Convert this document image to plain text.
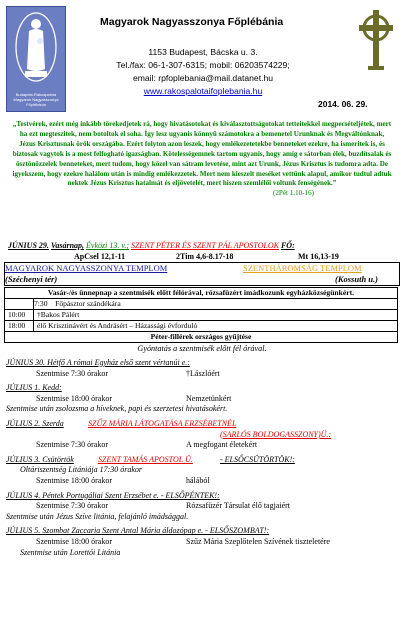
Budapest-Rákospalota Magyarok Nagyasszonya Főplébánia
Magyarok Nagyasszonya Főplébánia
1153 Budapest, Bácska u. 3.
Tel./fax: 06-1-307-6315; mobil: 06203574229;
email: rpfoplebania@mail.datanet.hu
www.rakospalotaifoplebania.hu
2014. 06. 29.
„Testvérek, ezért még inkább törekedjetek rá, hogy hivatásotokat és kiválasztottságotokat tetteitekkel megpecsételjétek, mert ha ezt megteszitek, nem botoltok el soha. Így lesz ugyanis könnyű számotokra a bemenetel Urunknak és Megváltónknak, Jézus Krisztusnak örök országába. Ezért folyton azon leszek, hogy emlékezetetekbe benneteket ezekre, ha ismeritek is, és biztosak vagytok is a most felfogható igazságban. Kötelességemnek tartom ugyanis, hogy amíg e sátorban élek, buzdítsalak és ösztönözzelek benneteket, mert tudom, hogy közel van sátram levetése, mint azt Urunk, Jézus Krisztus is tudomra adta. De igyekszem, hogy ezekre halálom után is mindig emlékezzetek. Mert nem kieszelt meséket vettünk alapul, amikor tudtul adtuk nektek Jézus Krisztus hatalmát és eljövetelét, mert hiszen szemlélői voltunk fenségének.”
(2Pét 1,10-16)
JÚNIUS 29. Vasárnap, Évközi 13. v.; SZENT PÉTER ÉS SZENT PÁL APOSTOLOK FŐ:
ApCsel 12,1-11	2Tim 4,6-8.17-18	Mt 16,13-19
MAGYAROK NAGYASSZONYA TEMPLOM	SZENTHÁROMSÁG TEMPLOM
(Széchenyi tér)	(Kossuth u.)
Vasár-/és ünnepnap a szentmisék előtt félórával, rózsafüzért imádkozunk egyházközségünkért.	
	7:30 Főpásztor szándékára
10:00	†Bakos Pálért
18:00	élő Krisztinávért és Andrásért – Házassági évforduló
Péter-fillérek országos gyűjtése	
Gyóntatás a szentmisék előtt fél órával.
JÚNIUS 30. Hétfő A római Egyház első szent vértanúi e.:
Szentmise 7:30 órakor	†Lászlóért
JÚLIUS 1. Kedd:
Szentmise 18:00 órakor	Nemzetünkért
Szentmise után zsolozsma a híveknek, papi és szerzetesi hivatásokért.
JÚLIUS 2. Szerda	SZŰZ MÁRIA LÁTOGATÁSA ERZSÉBETNÉL
(SARLÓS BOLDOGASSZONY)Ü.:
Szentmise 7:30 órakor	A megfogant életekért
JÚLIUS 3. Csütörtök	SZENT TAMÁS APOSTOL Ü.	- ELSŐCSÜTÖRTÖK!:
Oltáriszentség Litániája 17:30 órakor
Szentmise 18:00 órakor	hálából
JÚLIUS 4. Péntek Portugáliai Szent Erzsébet e. - ELSŐPÉNTEK!:
Szentmise 7:30 órakor	Rózsafüzér Társulat élő tagjaiért
Szentmise után Jézus Szíve litánia, felajánló imádsággal.
JÚLIUS 5. Szombat Zaccaria Szent Antal Mária áldozópap e. - ELSŐSZOMBAT!:
Szentmise 18:00 órakor	Szűz Mária Szeplőtelen Szívének tiszteletére
Szentmise után Lorettói Litánia
